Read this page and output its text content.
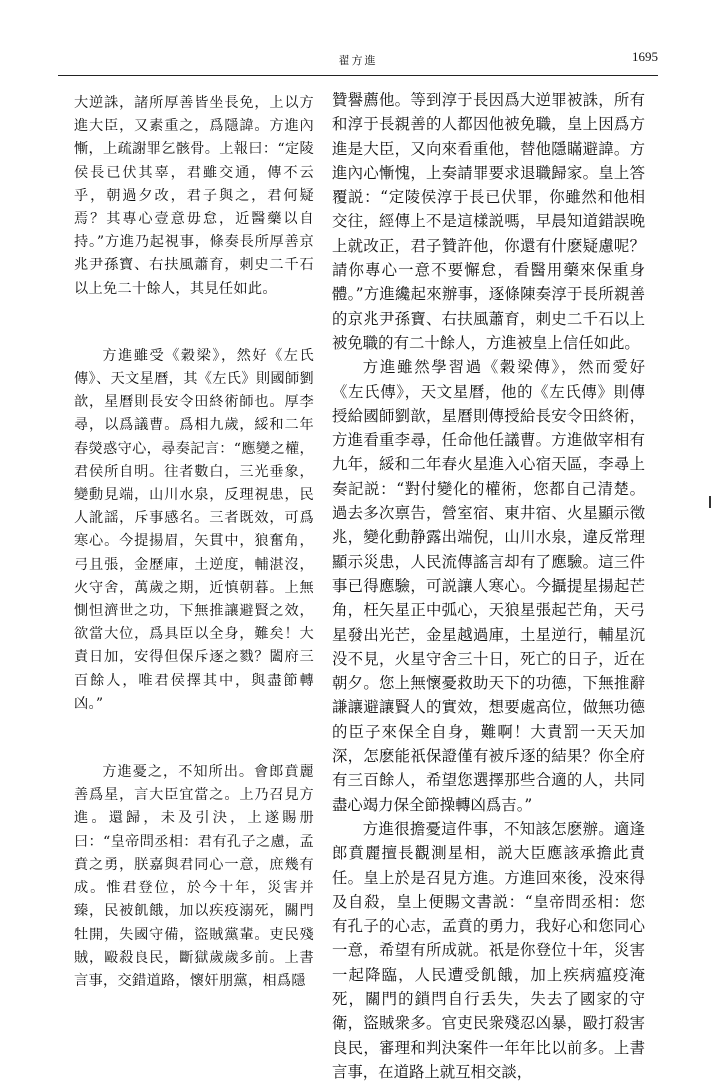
翟方進	1695

大逆誅，諸所厚善皆坐長免，上以方進大臣，又素重之，爲隱諱。方進內慚，上疏謝罪乞骸骨。上報曰：“定陵侯長已伏其辜，君雖交通，傳不云乎，朝過夕改，君子與之，君何疑焉？其專心壹意毋怠，近醫藥以自持。”方進乃起視事，條奏長所厚善京兆尹孫寶、右扶風蕭育，刺史二千石以上免二十餘人，其見任如此。

方進雖受《穀梁》，然好《左氏傳》、天文星曆，其《左氏》則國師劉歆，星曆則長安令田終術師也。厚李尋，以爲議曹。爲相九歲，綏和二年春熒惑守心，尋奏記言：“應變之權，君侯所自明。往者數白，三光垂象，變動見端，山川水泉，反理視患，民人訛謡，斥事感名。三者既效，可爲寒心。今提揚眉，矢貫中，狼奮角，弓且張，金歷庫，土逆度，輔湛沒，火守舍，萬歲之期，近慎朝暮。上無惻怛濟世之功，下無推讓避賢之效，欲當大位，爲具臣以全身，難矣！大責日加，安得但保斥逐之戮？闔府三百餘人，唯君侯擇其中，與盡節轉凶。”

方進憂之，不知所出。會郎賁麗善爲星，言大臣宜當之。上乃召見方進。還歸，未及引決，上遂賜册曰：“皇帝問丞相：君有孔子之慮，孟賁之勇，朕嘉與君同心一意，庶幾有成。惟君登位，於今十年，災害并臻，民被飢餓，加以疾疫溺死，關門牡開，失國守備，盜賊黨輩。吏民殘賊，毆殺良民，斷獄歲歲多前。上書言事，交錯道路，懷奸朋黨，相爲隱

贊譽薦他。等到淳于長因爲大逆罪被誅，所有和淳于長親善的人都因他被免職，皇上因爲方進是大臣，又向來看重他，替他隱瞞避諱。方進內心慚愧，上奏請罪要求退職歸家。皇上答覆説：“定陵侯淳于長已伏罪，你雖然和他相交往，經傳上不是這樣説嗎，早晨知道錯誤晚上就改正，君子贊許他，你還有什麽疑慮呢？請你專心一意不要懈怠，看醫用藥來保重身體。”方進纔起來辦事，逐條陳奏淳于長所親善的京兆尹孫寶、右扶風蕭育，刺史二千石以上被免職的有二十餘人，方進被皇上信任如此。

方進雖然學習過《穀梁傳》，然而愛好《左氏傳》，天文星曆，他的《左氏傳》則傳授給國師劉歆，星曆則傳授給長安令田終術，方進看重李尋，任命他任議曹。方進做宰相有九年，綏和二年春火星進入心宿天區，李尋上奏記説：“對付變化的權術，您都自己清楚。過去多次禀告，營室宿、東井宿、火星顯示徵兆，變化動静露出端倪，山川水泉，違反常理顯示災患，人民流傳謠言却有了應驗。這三件事已得應驗，可説讓人寒心。今攝提星揚起芒角，枉矢星正中弧心，天狼星張起芒角，天弓星發出光芒，金星越過庫，土星逆行，輔星沉没不見，火星守舍三十日，死亡的日子，近在朝夕。您上無懷憂救助天下的功德，下無推辭謙讓避讓賢人的實效，想要處高位，做無功德的臣子來保全自身，難啊！大責罰一天天加深，怎麽能祇保證僅有被斥逐的結果？你全府有三百餘人，希望您選擇那些合適的人，共同盡心竭力保全節操轉凶爲吉。”

方進很擔憂這件事，不知該怎麽辦。適逢郎賁麗擅長觀測星相，説大臣應該承擔此責任。皇上於是召見方進。方進回來後，没來得及自殺，皇上便賜文書説：“皇帝問丞相：您有孔子的心志，孟賁的勇力，我好心和您同心一意，希望有所成就。祇是你登位十年，災害一起降臨，人民遭受飢餓，加上疾病瘟疫淹死，關門的鎖閂自行丢失，失去了國家的守衛，盜賊衆多。官吏民衆殘忍凶暴，毆打殺害良民，審理和判決案件一年年比以前多。上書言事，在道路上就互相交談，
